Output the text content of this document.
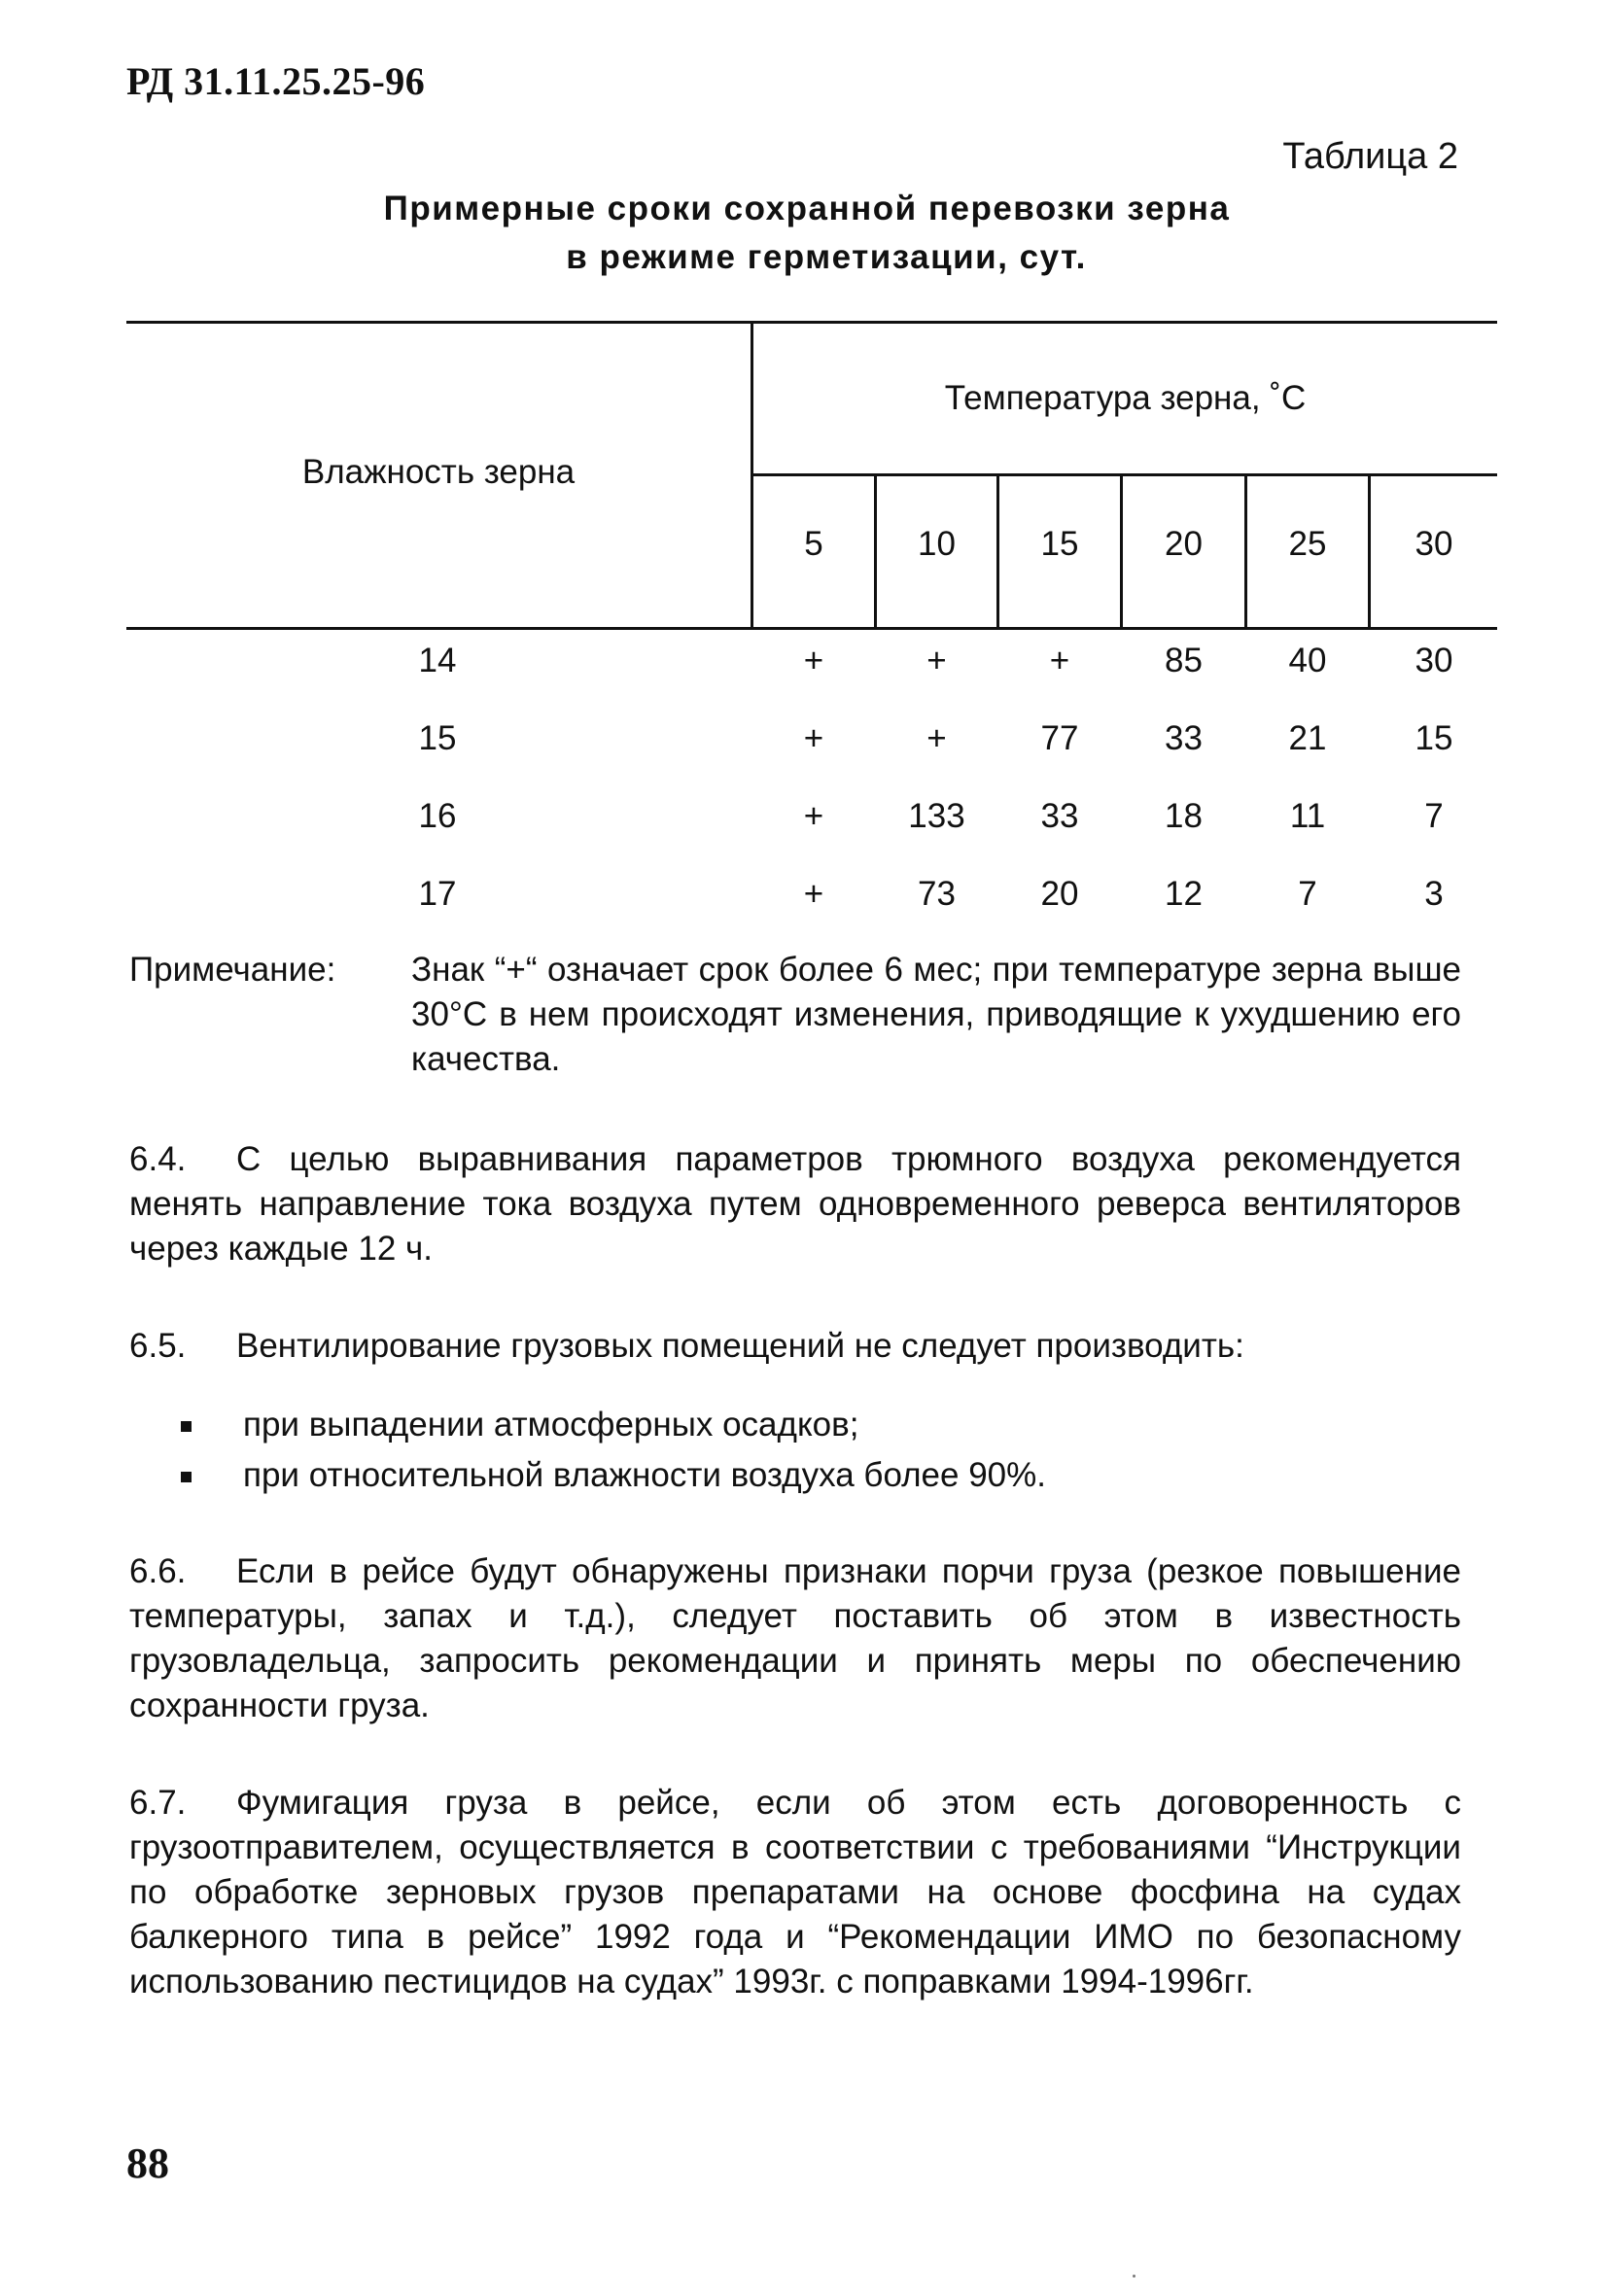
РД 31.11.25.25-96
Таблица 2
Примерные сроки сохранной перевозки зерна
в режиме герметизации, сут.
Влажность зерна
Температура зерна, ˚С
5	10	15	20	25	30
14	+	+	+	85	40	30
15	+	+	77	33	21	15
16	+	133	33	18	11	7
17	+	73	20	12	7	3
Примечание: Знак “+“ означает срок более 6 мес; при температуре зерна выше 30°С в нем происходят изменения, приводящие к ухудшению его качества.
6.4. С целью выравнивания параметров трюмного воздуха рекомендуется менять направление тока воздуха путем одновременного реверса вентиляторов через каждые 12 ч.
6.5. Вентилирование грузовых помещений не следует производить:
при выпадении атмосферных осадков;
при относительной влажности воздуха более 90%.
6.6. Если в рейсе будут обнаружены признаки порчи груза (резкое повышение температуры, запах и т.д.), следует поставить об этом в известность грузовладельца, запросить рекомендации и принять меры по обеспечению сохранности груза.
6.7. Фумигация груза в рейсе, если об этом есть договоренность с грузоотправителем, осуществляется в соответствии с требованиями “Инструкции по обработке зерновых грузов препаратами на основе фосфина на судах балкерного типа в рейсе” 1992 года и “Рекомендации ИМО по безопасному использованию пестицидов на судах” 1993г. с поправками 1994-1996гг.
88
